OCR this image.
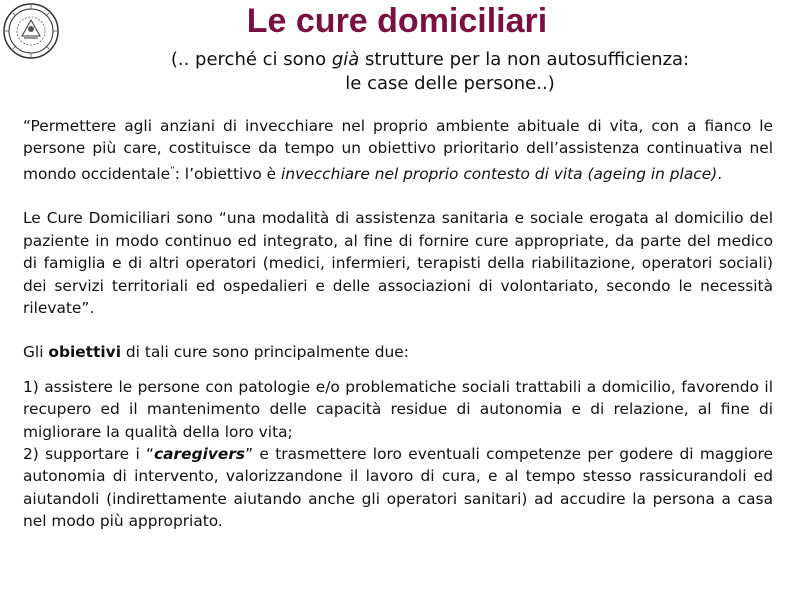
Le cure domiciliari
(.. perché ci sono già strutture per la non autosufficienza:
le case delle persone..)

“Permettere agli anziani di invecchiare nel proprio ambiente abituale di vita, con a fianco le persone più care, costituisce da tempo un obiettivo prioritario dell’assistenza continuativa nel mondo occidentale”: l’obiettivo è invecchiare nel proprio contesto di vita (ageing in place).

Le Cure Domiciliari sono “una modalità di assistenza sanitaria e sociale erogata al domicilio del paziente in modo continuo ed integrato, al fine di fornire cure appropriate, da parte del medico di famiglia e di altri operatori (medici, infermieri, terapisti della riabilitazione, operatori sociali) dei servizi territoriali ed ospedalieri e delle associazioni di volontariato, secondo le necessità rilevate”.

Gli obiettivi di tali cure sono principalmente due:

1) assistere le persone con patologie e/o problematiche sociali trattabili a domicilio, favorendo il recupero ed il mantenimento delle capacità residue di autonomia e di relazione, al fine di migliorare la qualità della loro vita;

2) supportare i “caregivers” e trasmettere loro eventuali competenze per godere di maggiore autonomia di intervento, valorizzandone il lavoro di cura, e al tempo stesso rassicurandoli ed aiutandoli (indirettamente aiutando anche gli operatori sanitari) ad accudire la persona a casa nel modo più appropriato.
